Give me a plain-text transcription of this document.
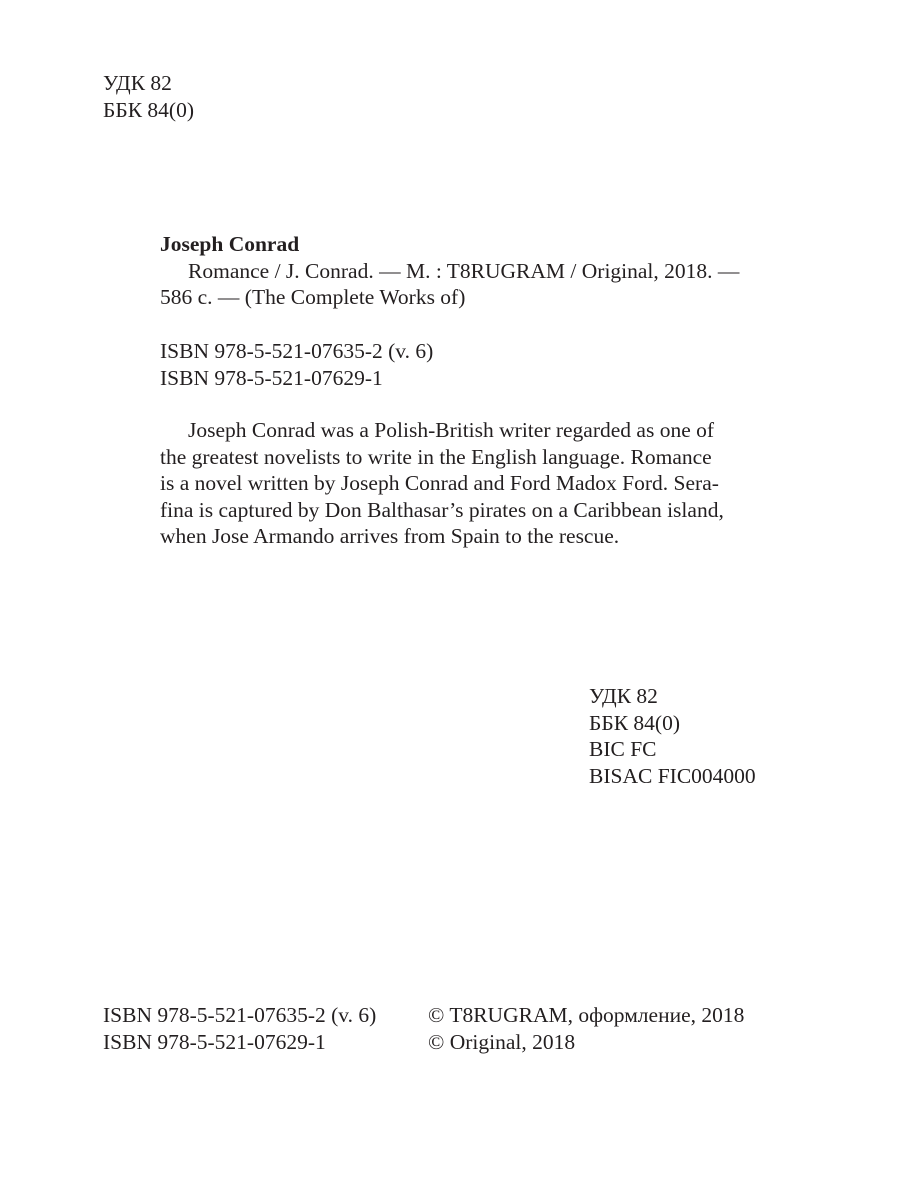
УДК 82
ББК 84(0)
Joseph Conrad
Romance / J. Conrad. — M. : T8RUGRAM / Original, 2018. —
586 с. — (The Complete Works of)
ISBN 978-5-521-07635-2 (v. 6)
ISBN 978-5-521-07629-1
Joseph Conrad was a Polish-British writer regarded as one of
the greatest novelists to write in the English language. Romance
is a novel written by Joseph Conrad and Ford Madox Ford. Sera-
fina is captured by Don Balthasar’s pirates on a Caribbean island,
when Jose Armando arrives from Spain to the rescue.
УДК 82
ББК 84(0)
BIC FC
BISAC FIC004000
ISBN 978-5-521-07635-2 (v. 6)
ISBN 978-5-521-07629-1
© T8RUGRAM, оформление, 2018
© Original, 2018
